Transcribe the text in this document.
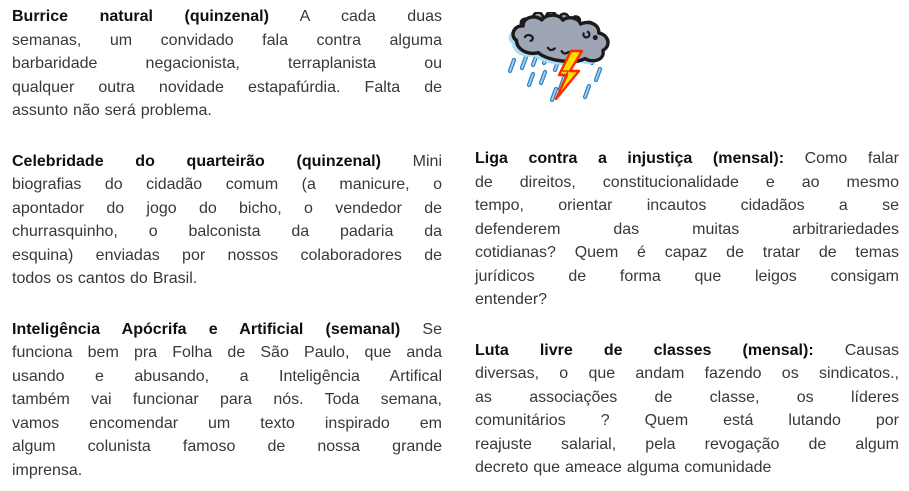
Burrice natural (quinzenal) A cada duas
semanas, um convidado fala contra alguma
barbaridade negacionista, terraplanista ou
qualquer outra novidade estapafúrdia. Falta de
assunto não será problema.
Celebridade do quarteirão (quinzenal) Mini
biografias do cidadão comum (a manicure, o
apontador do jogo do bicho, o vendedor de
churrasquinho, o balconista da padaria da
esquina) enviadas por nossos colaboradores de
todos os cantos do Brasil.
Inteligência Apócrifa e Artificial (semanal) Se
funciona bem pra Folha de São Paulo, que anda
usando e abusando, a Inteligência Artifical
também vai funcionar para nós. Toda semana,
vamos encomendar um texto inspirado em
algum colunista famoso de nossa grande
imprensa.
Liga contra a injustiça (mensal): Como falar
de direitos, constitucionalidade e ao mesmo
tempo, orientar incautos cidadãos a se
defenderem das muitas arbitrariedades
cotidianas? Quem é capaz de tratar de temas
jurídicos de forma que leigos consigam
entender?
Luta livre de classes (mensal): Causas
diversas, o que andam fazendo os sindicatos.,
as associações de classe, os líderes
comunitários ? Quem está lutando por
reajuste salarial, pela revogação de algum
decreto que ameace alguma comunidade
